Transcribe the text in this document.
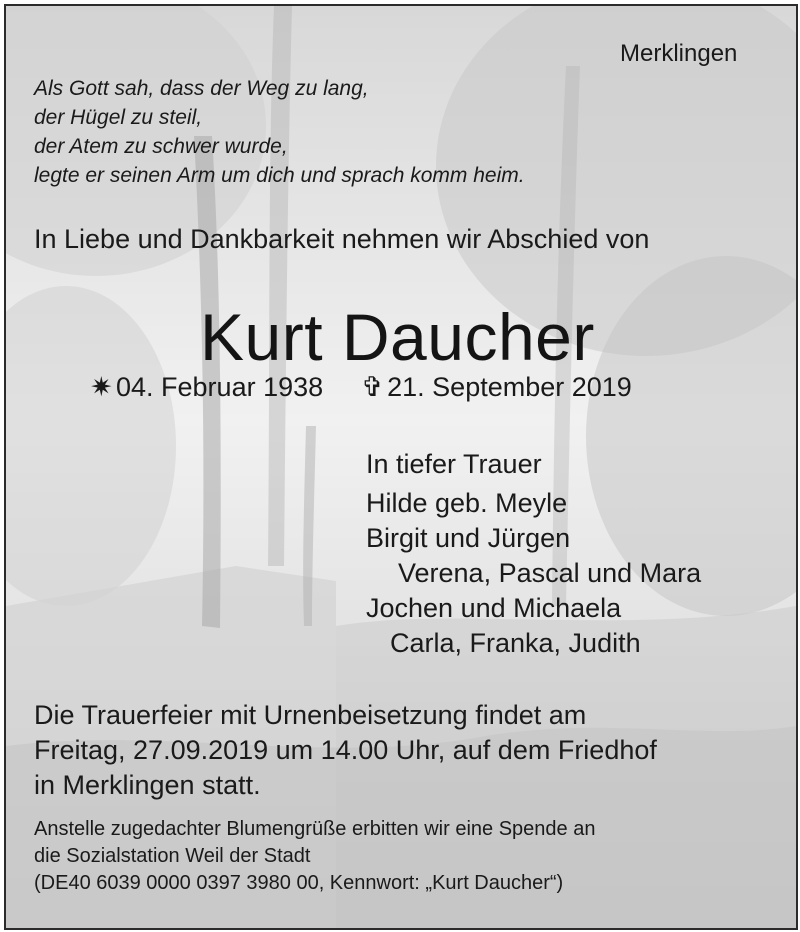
Merklingen

Als Gott sah, dass der Weg zu lang,
der Hügel zu steil,
der Atem zu schwer wurde,
legte er seinen Arm um dich und sprach komm heim.

In Liebe und Dankbarkeit nehmen wir Abschied von

Kurt Daucher

✷ 04. Februar 1938 ✞ 21. September 2019
In tiefer Trauer
Hilde geb. Meyle
Birgit und Jürgen
Verena, Pascal und Mara
Jochen und Michaela
Carla, Franka, Judith
Die Trauerfeier mit Urnenbeisetzung findet am
Freitag, 27.09.2019 um 14.00 Uhr, auf dem Friedhof
in Merklingen statt.
Anstelle zugedachter Blumengrüße erbitten wir eine Spende an
die Sozialstation Weil der Stadt
(DE40 6039 0000 0397 3980 00, Kennwort: „Kurt Daucher“)
